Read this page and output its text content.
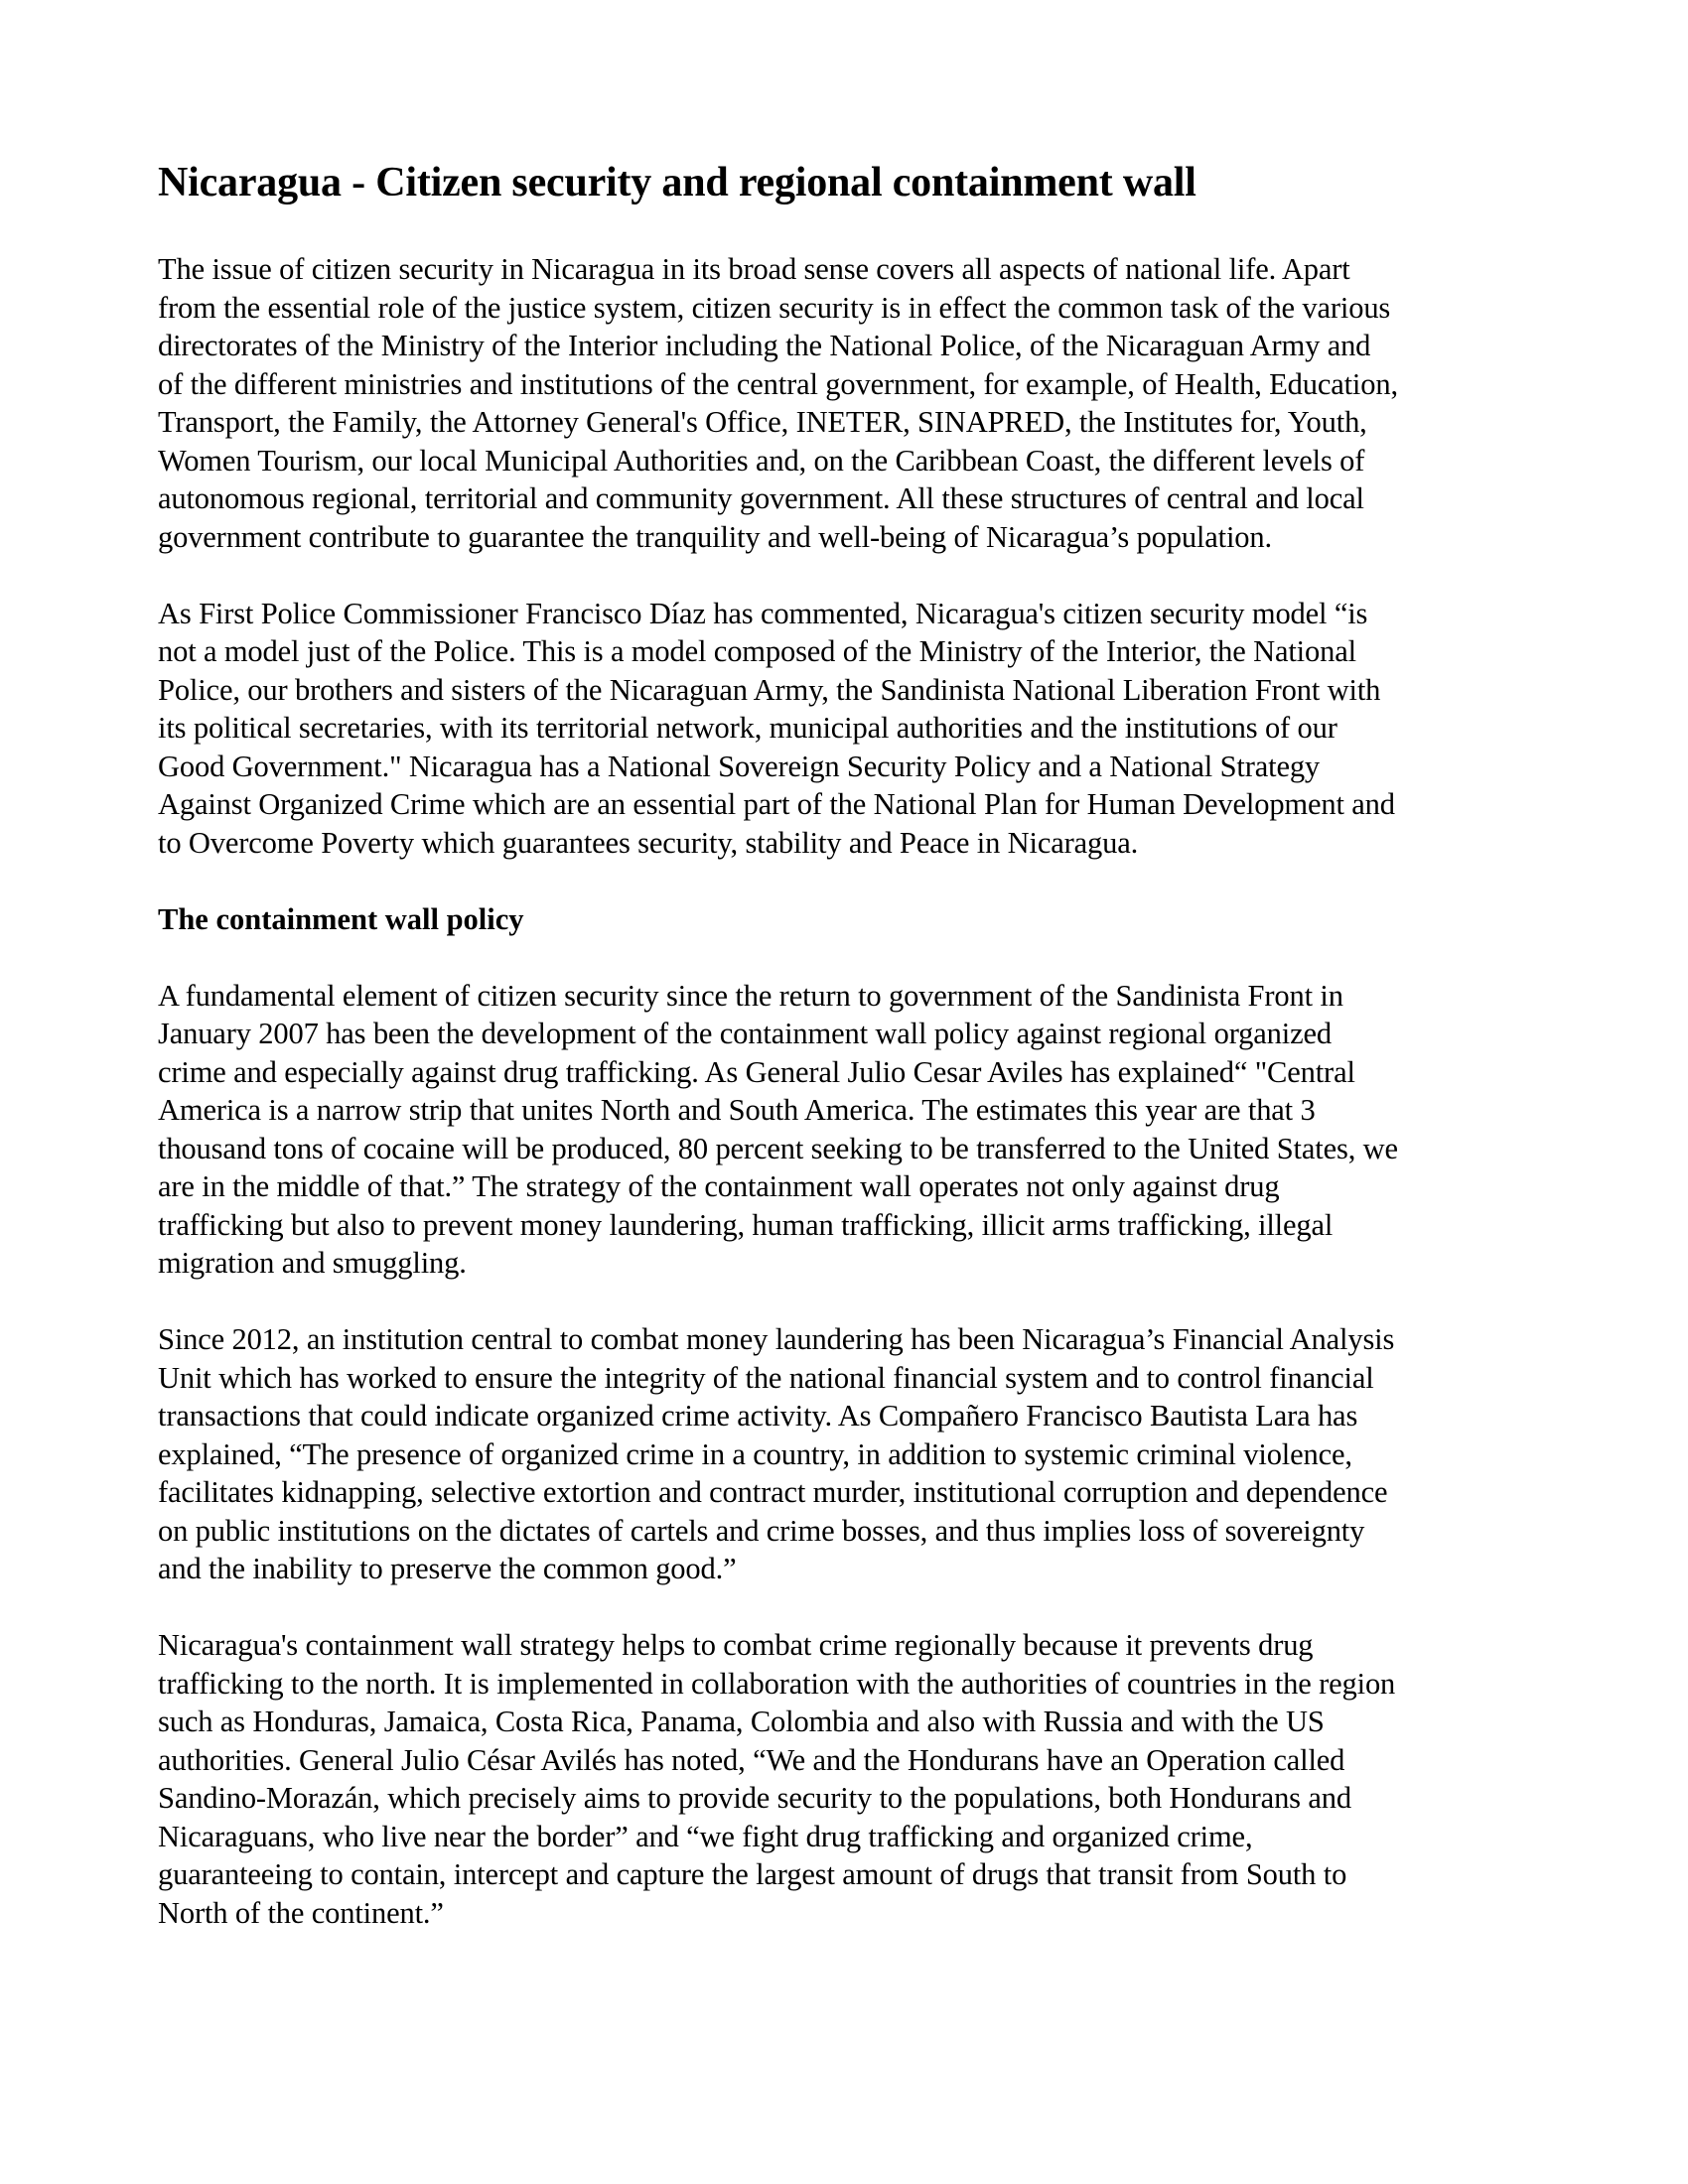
Nicaragua - Citizen security and regional containment wall

The issue of citizen security in Nicaragua in its broad sense covers all aspects of national life. Apart
from the essential role of the justice system, citizen security is in effect the common task of the various
directorates of the Ministry of the Interior including the National Police, of the Nicaraguan Army and
of the different ministries and institutions of the central government, for example, of Health, Education,
Transport, the Family, the Attorney General's Office, INETER, SINAPRED, the Institutes for, Youth,
Women Tourism, our local Municipal Authorities and, on the Caribbean Coast, the different levels of
autonomous regional, territorial and community government. All these structures of central and local
government contribute to guarantee the tranquility and well-being of Nicaragua’s population.

As First Police Commissioner Francisco Díaz has commented, Nicaragua's citizen security model “is
not a model just of the Police. This is a model composed of the Ministry of the Interior, the National
Police, our brothers and sisters of the Nicaraguan Army, the Sandinista National Liberation Front with
its political secretaries, with its territorial network, municipal authorities and the institutions of our
Good Government." Nicaragua has a National Sovereign Security Policy and a National Strategy
Against Organized Crime which are an essential part of the National Plan for Human Development and
to Overcome Poverty which guarantees security, stability and Peace in Nicaragua.

The containment wall policy

A fundamental element of citizen security since the return to government of the Sandinista Front in
January 2007 has been the development of the containment wall policy against regional organized
crime and especially against drug trafficking. As General Julio Cesar Aviles has explained“ "Central
America is a narrow strip that unites North and South America. The estimates this year are that 3
thousand tons of cocaine will be produced, 80 percent seeking to be transferred to the United States, we
are in the middle of that.” The strategy of the containment wall operates not only against drug
trafficking but also to prevent money laundering, human trafficking, illicit arms trafficking, illegal
migration and smuggling.

Since 2012, an institution central to combat money laundering has been Nicaragua’s Financial Analysis
Unit which has worked to ensure the integrity of the national financial system and to control financial
transactions that could indicate organized crime activity. As Compañero Francisco Bautista Lara has
explained, “The presence of organized crime in a country, in addition to systemic criminal violence,
facilitates kidnapping, selective extortion and contract murder, institutional corruption and dependence
on public institutions on the dictates of cartels and crime bosses, and thus implies loss of sovereignty
and the inability to preserve the common good.”

Nicaragua's containment wall strategy helps to combat crime regionally because it prevents drug
trafficking to the north. It is implemented in collaboration with the authorities of countries in the region
such as Honduras, Jamaica, Costa Rica, Panama, Colombia and also with Russia and with the US
authorities. General Julio César Avilés has noted, “We and the Hondurans have an Operation called
Sandino-Morazán, which precisely aims to provide security to the populations, both Hondurans and
Nicaraguans, who live near the border” and “we fight drug trafficking and organized crime,
guaranteeing to contain, intercept and capture the largest amount of drugs that transit from South to
North of the continent.”
